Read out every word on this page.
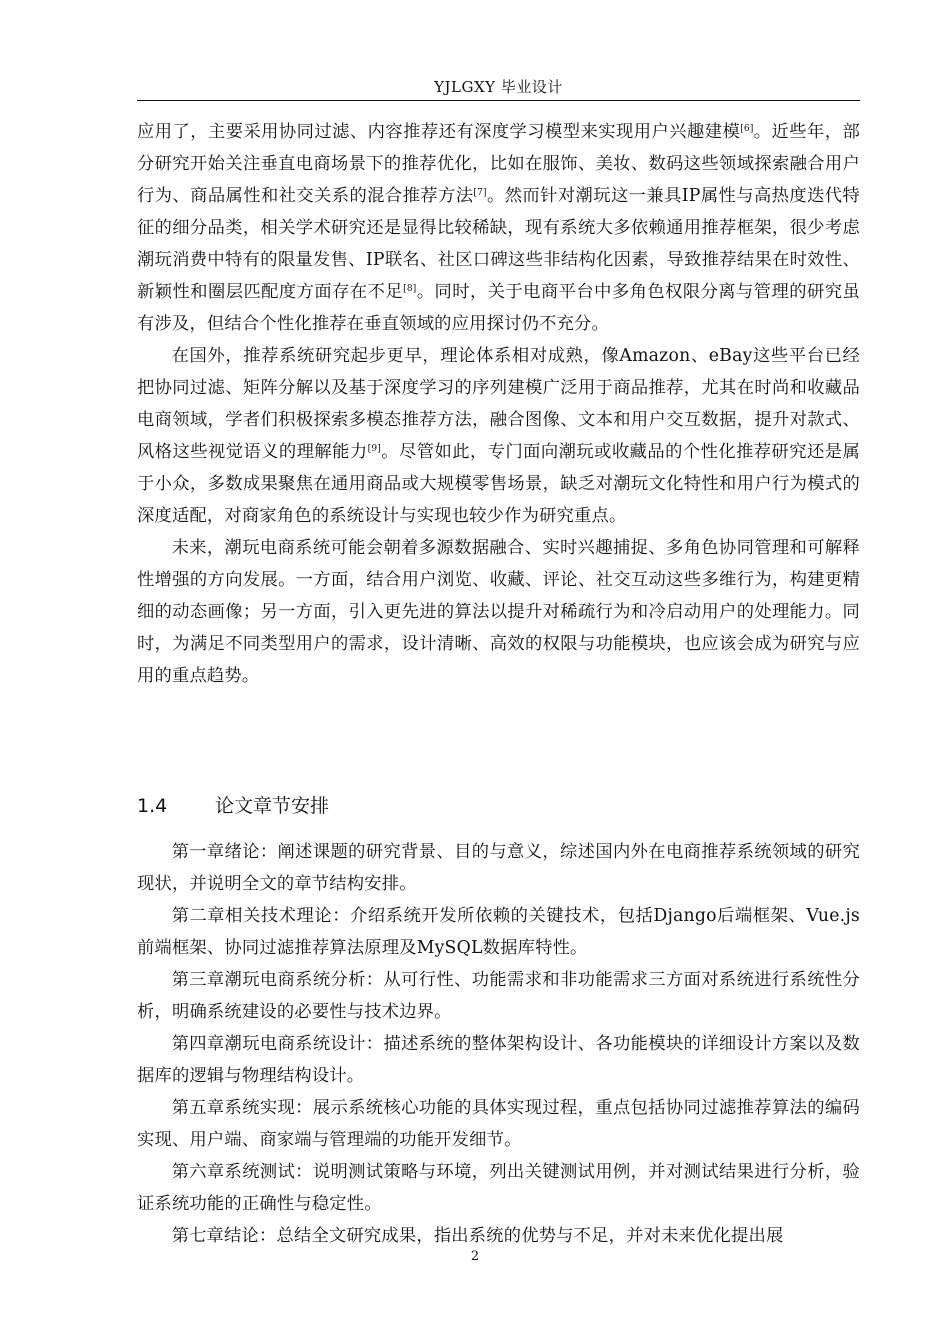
YJLGXY 毕业设计

应用了，主要采用协同过滤、内容推荐还有深度学习模型来实现用户兴趣建模[6]。近些年，部分研究开始关注垂直电商场景下的推荐优化，比如在服饰、美妆、数码这些领域探索融合用户行为、商品属性和社交关系的混合推荐方法[7]。然而针对潮玩这一兼具IP属性与高热度迭代特征的细分品类，相关学术研究还是显得比较稀缺，现有系统大多依赖通用推荐框架，很少考虑潮玩消费中特有的限量发售、IP联名、社区口碑这些非结构化因素，导致推荐结果在时效性、新颖性和圈层匹配度方面存在不足[8]。同时，关于电商平台中多角色权限分离与管理的研究虽有涉及，但结合个性化推荐在垂直领域的应用探讨仍不充分。

在国外，推荐系统研究起步更早，理论体系相对成熟，像Amazon、eBay这些平台已经把协同过滤、矩阵分解以及基于深度学习的序列建模广泛用于商品推荐，尤其在时尚和收藏品电商领域，学者们积极探索多模态推荐方法，融合图像、文本和用户交互数据，提升对款式、风格这些视觉语义的理解能力[9]。尽管如此，专门面向潮玩或收藏品的个性化推荐研究还是属于小众，多数成果聚焦在通用商品或大规模零售场景，缺乏对潮玩文化特性和用户行为模式的深度适配，对商家角色的系统设计与实现也较少作为研究重点。

未来，潮玩电商系统可能会朝着多源数据融合、实时兴趣捕捉、多角色协同管理和可解释性增强的方向发展。一方面，结合用户浏览、收藏、评论、社交互动这些多维行为，构建更精细的动态画像；另一方面，引入更先进的算法以提升对稀疏行为和冷启动用户的处理能力。同时，为满足不同类型用户的需求，设计清晰、高效的权限与功能模块，也应该会成为研究与应用的重点趋势。

1.4	论文章节安排

第一章绪论：阐述课题的研究背景、目的与意义，综述国内外在电商推荐系统领域的研究现状，并说明全文的章节结构安排。

第二章相关技术理论：介绍系统开发所依赖的关键技术，包括Django后端框架、Vue.js前端框架、协同过滤推荐算法原理及MySQL数据库特性。

第三章潮玩电商系统分析：从可行性、功能需求和非功能需求三方面对系统进行系统性分析，明确系统建设的必要性与技术边界。

第四章潮玩电商系统设计：描述系统的整体架构设计、各功能模块的详细设计方案以及数据库的逻辑与物理结构设计。

第五章系统实现：展示系统核心功能的具体实现过程，重点包括协同过滤推荐算法的编码实现、用户端、商家端与管理端的功能开发细节。

第六章系统测试：说明测试策略与环境，列出关键测试用例，并对测试结果进行分析，验证系统功能的正确性与稳定性。

第七章结论：总结全文研究成果，指出系统的优势与不足，并对未来优化提出展

2
